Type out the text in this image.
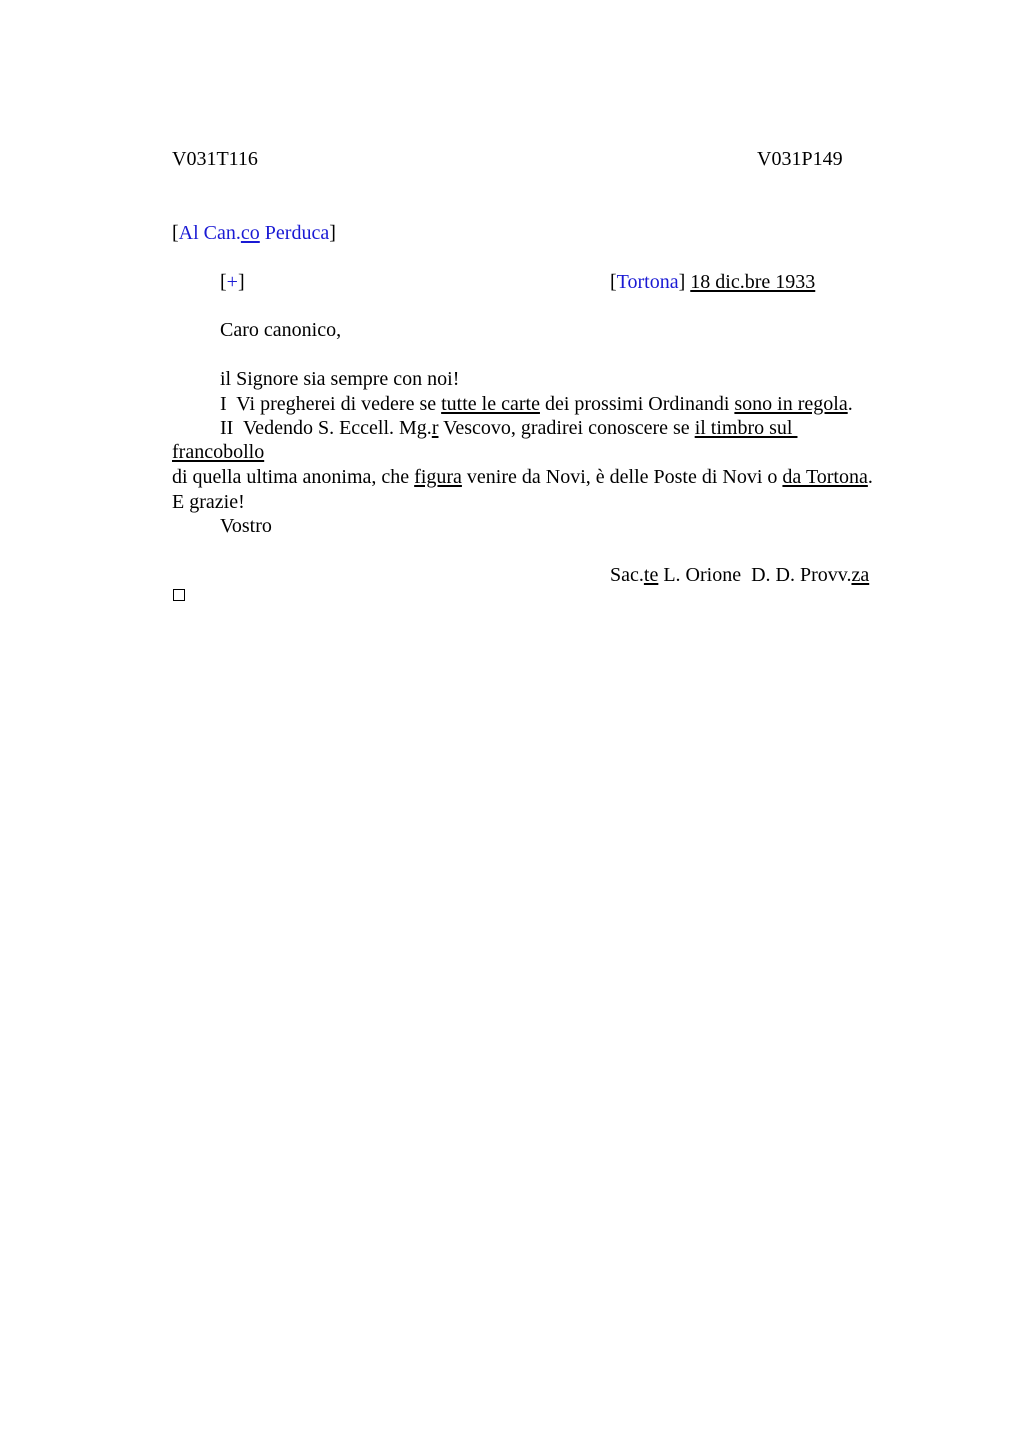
V031T116	V031P149
[Al Can.co Perduca]
[+]	[Tortona] 18 dic.bre 1933
Caro canonico,
il Signore sia sempre con noi!
I  Vi pregherei di vedere se tutte le carte dei prossimi Ordinandi sono in regola.
II  Vedendo S. Eccell. Mg.r Vescovo, gradirei conoscere se il timbro sul
francobollo
di quella ultima anonima, che figura venire da Novi, è delle Poste di Novi o da Tortona.
E grazie!
Vostro
Sac.te L. Orione  D. D. Provv.za
